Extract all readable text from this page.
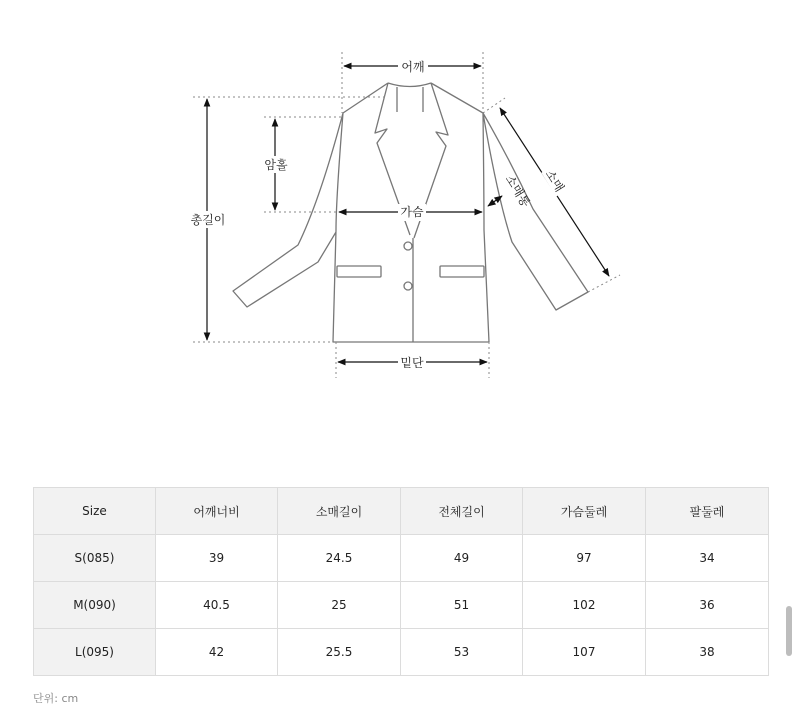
어깨
총길이
암홀
가슴
밑단
소매
소매통
Size	어깨너비	소매길이	전체길이	가슴둘레	팔둘레
S(085)	39	24.5	49	97	34
M(090)	40.5	25	51	102	36
L(095)	42	25.5	53	107	38
단위: cm
